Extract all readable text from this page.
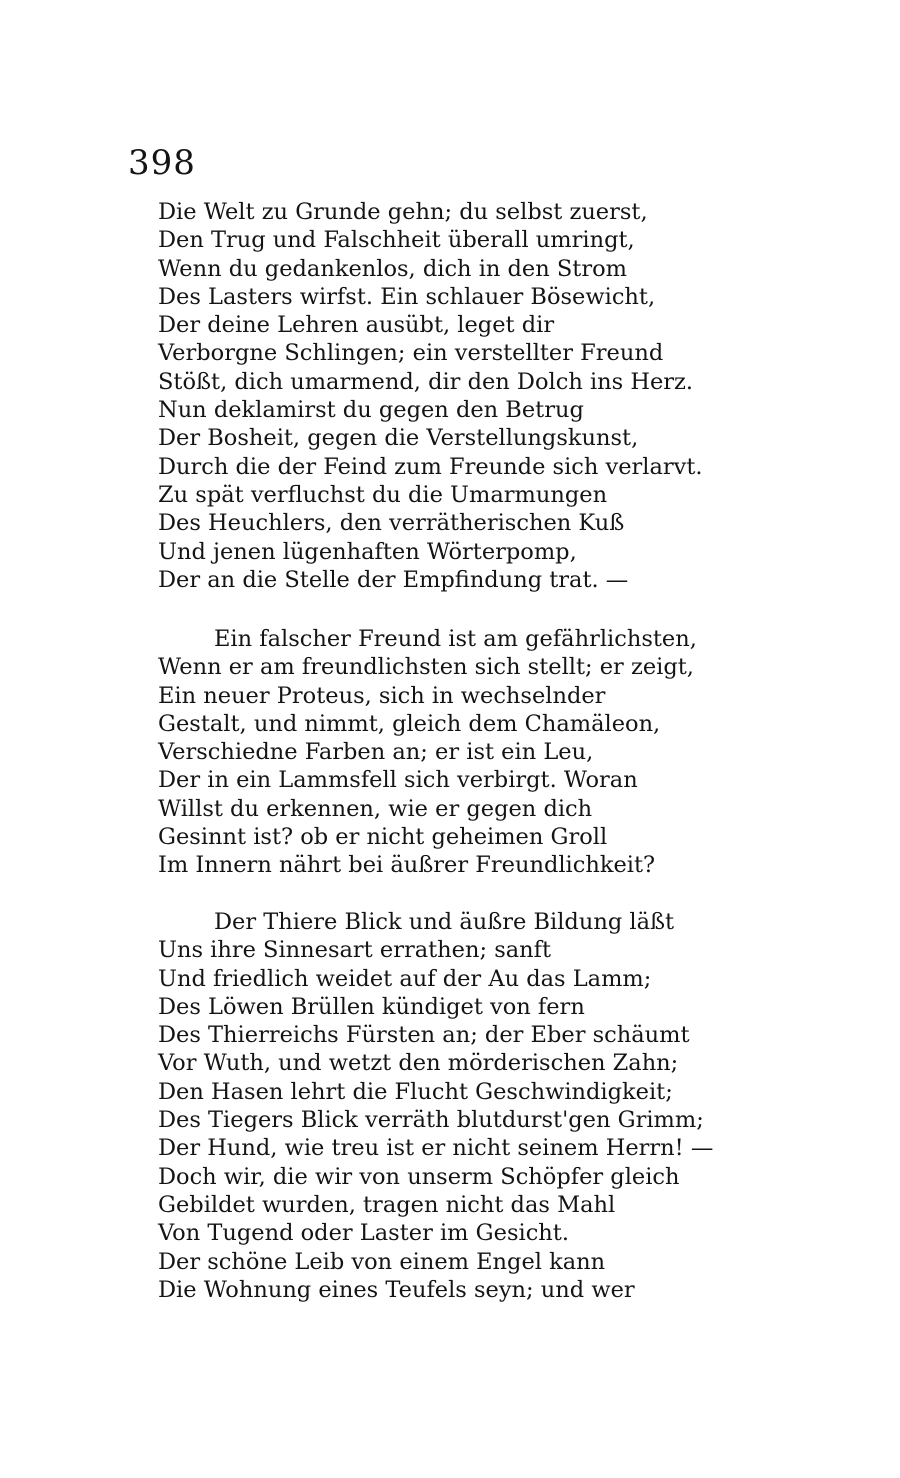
398
Die Welt zu Grunde gehn; du selbst zuerst,
Den Trug und Falschheit überall umringt,
Wenn du gedankenlos, dich in den Strom
Des Lasters wirfst. Ein schlauer Bösewicht,
Der deine Lehren ausübt, leget dir
Verborgne Schlingen; ein verstellter Freund
Stößt, dich umarmend, dir den Dolch ins Herz.
Nun deklamirst du gegen den Betrug
Der Bosheit, gegen die Verstellungskunst,
Durch die der Feind zum Freunde sich verlarvt.
Zu spät verfluchst du die Umarmungen
Des Heuchlers, den verrätherischen Kuß
Und jenen lügenhaften Wörterpomp,
Der an die Stelle der Empfindung trat. —
Ein falscher Freund ist am gefährlichsten,
Wenn er am freundlichsten sich stellt; er zeigt,
Ein neuer Proteus, sich in wechselnder
Gestalt, und nimmt, gleich dem Chamäleon,
Verschiedne Farben an; er ist ein Leu,
Der in ein Lammsfell sich verbirgt. Woran
Willst du erkennen, wie er gegen dich
Gesinnt ist? ob er nicht geheimen Groll
Im Innern nährt bei äußrer Freundlichkeit?
Der Thiere Blick und äußre Bildung läßt
Uns ihre Sinnesart errathen; sanft
Und friedlich weidet auf der Au das Lamm;
Des Löwen Brüllen kündiget von fern
Des Thierreichs Fürsten an; der Eber schäumt
Vor Wuth, und wetzt den mörderischen Zahn;
Den Hasen lehrt die Flucht Geschwindigkeit;
Des Tiegers Blick verräth blutdurst'gen Grimm;
Der Hund, wie treu ist er nicht seinem Herrn! —
Doch wir, die wir von unserm Schöpfer gleich
Gebildet wurden, tragen nicht das Mahl
Von Tugend oder Laster im Gesicht.
Der schöne Leib von einem Engel kann
Die Wohnung eines Teufels seyn; und wer
